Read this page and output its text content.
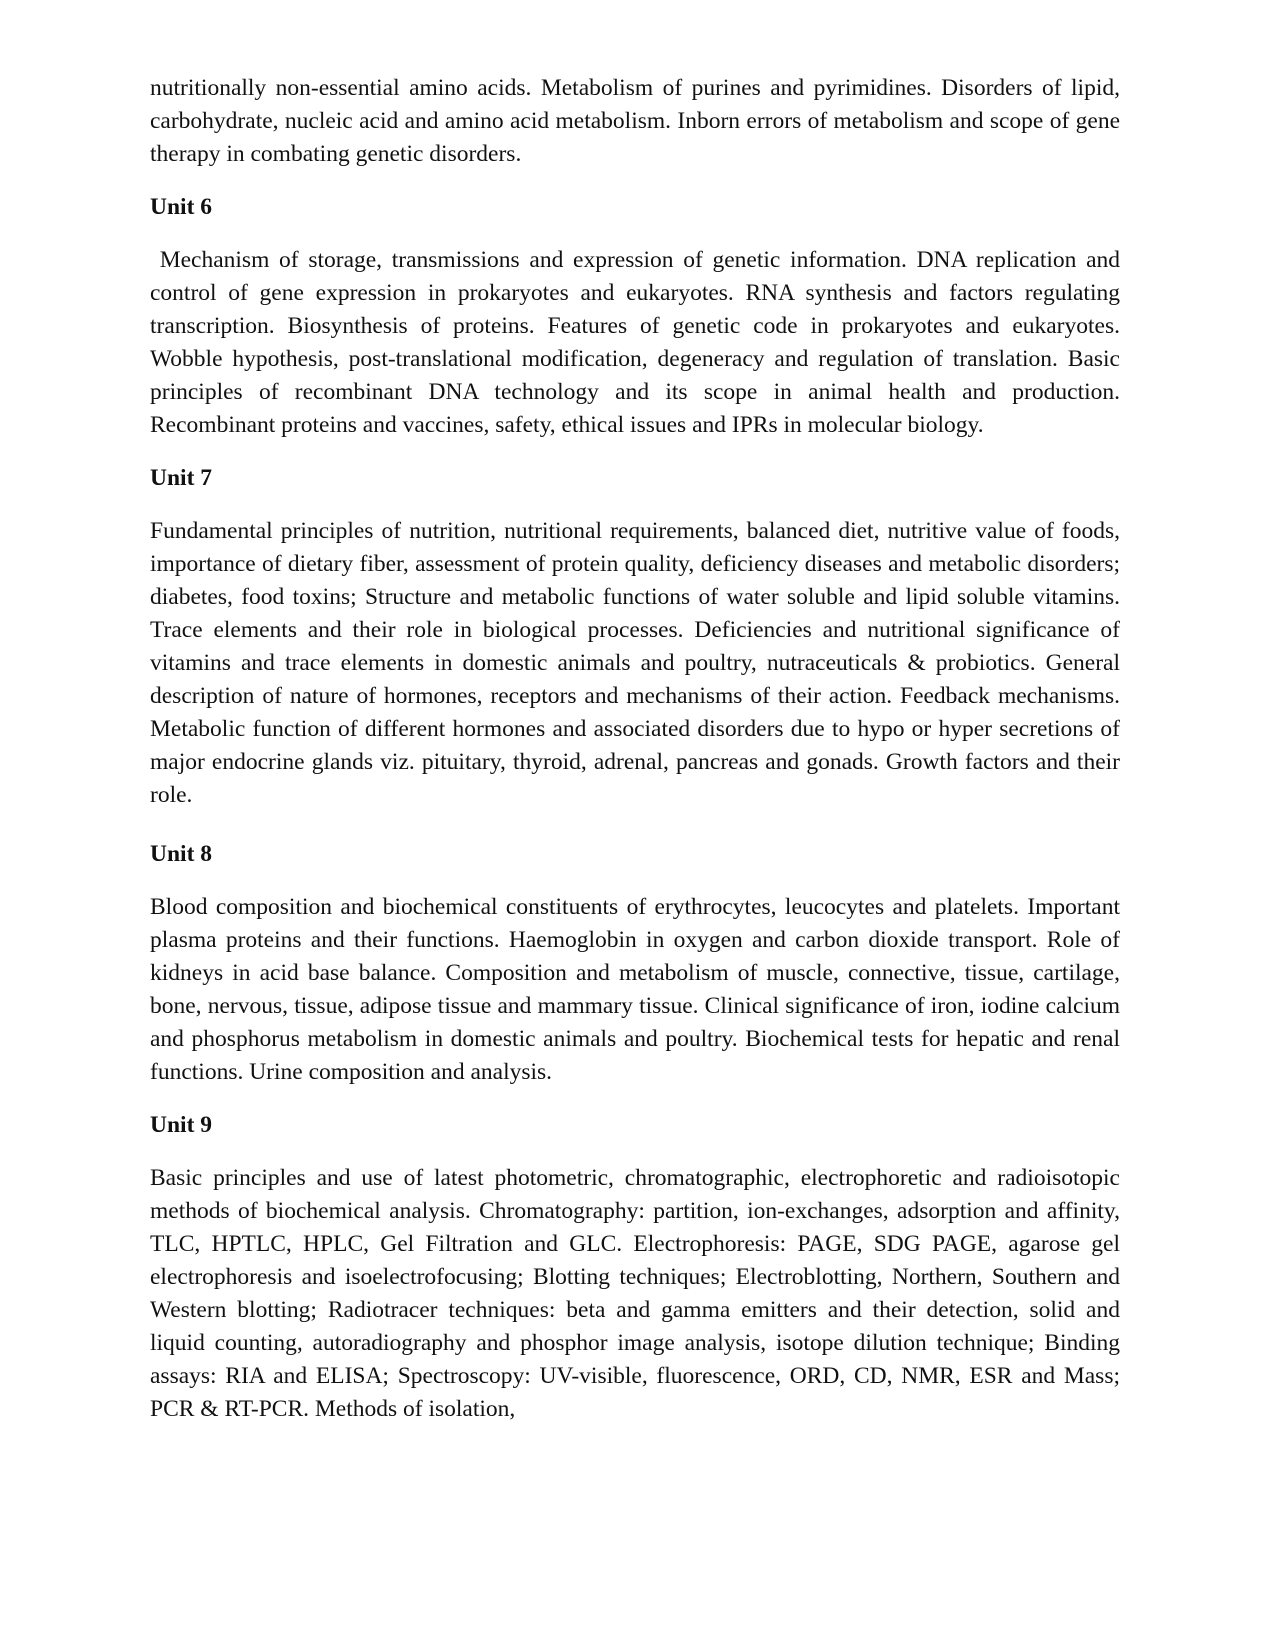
nutritionally non-essential amino acids. Metabolism of purines and pyrimidines. Disorders of lipid, carbohydrate, nucleic acid and amino acid metabolism. Inborn errors of metabolism and scope of gene therapy in combating genetic disorders.

Unit 6

Mechanism of storage, transmissions and expression of genetic information. DNA replication and control of gene expression in prokaryotes and eukaryotes. RNA synthesis and factors regulating transcription. Biosynthesis of proteins. Features of genetic code in prokaryotes and eukaryotes. Wobble hypothesis, post-translational modification, degeneracy and regulation of translation. Basic principles of recombinant DNA technology and its scope in animal health and production. Recombinant proteins and vaccines, safety, ethical issues and IPRs in molecular biology.

Unit 7

Fundamental principles of nutrition, nutritional requirements, balanced diet, nutritive value of foods, importance of dietary fiber, assessment of protein quality, deficiency diseases and metabolic disorders; diabetes, food toxins; Structure and metabolic functions of water soluble and lipid soluble vitamins. Trace elements and their role in biological processes. Deficiencies and nutritional significance of vitamins and trace elements in domestic animals and poultry, nutraceuticals & probiotics. General description of nature of hormones, receptors and mechanisms of their action. Feedback mechanisms. Metabolic function of different hormones and associated disorders due to hypo or hyper secretions of major endocrine glands viz. pituitary, thyroid, adrenal, pancreas and gonads. Growth factors and their role.

Unit 8

Blood composition and biochemical constituents of erythrocytes, leucocytes and platelets. Important plasma proteins and their functions. Haemoglobin in oxygen and carbon dioxide transport. Role of kidneys in acid base balance. Composition and metabolism of muscle, connective, tissue, cartilage, bone, nervous, tissue, adipose tissue and mammary tissue. Clinical significance of iron, iodine calcium and phosphorus metabolism in domestic animals and poultry. Biochemical tests for hepatic and renal functions. Urine composition and analysis.

Unit 9

Basic principles and use of latest photometric, chromatographic, electrophoretic and radioisotopic methods of biochemical analysis. Chromatography: partition, ion-exchanges, adsorption and affinity, TLC, HPTLC, HPLC, Gel Filtration and GLC. Electrophoresis: PAGE, SDG PAGE, agarose gel electrophoresis and isoelectrofocusing; Blotting techniques; Electroblotting, Northern, Southern and Western blotting; Radiotracer techniques: beta and gamma emitters and their detection, solid and liquid counting, autoradiography and phosphor image analysis, isotope dilution technique; Binding assays: RIA and ELISA; Spectroscopy: UV-visible, fluorescence, ORD, CD, NMR, ESR and Mass; PCR & RT-PCR. Methods of isolation,
